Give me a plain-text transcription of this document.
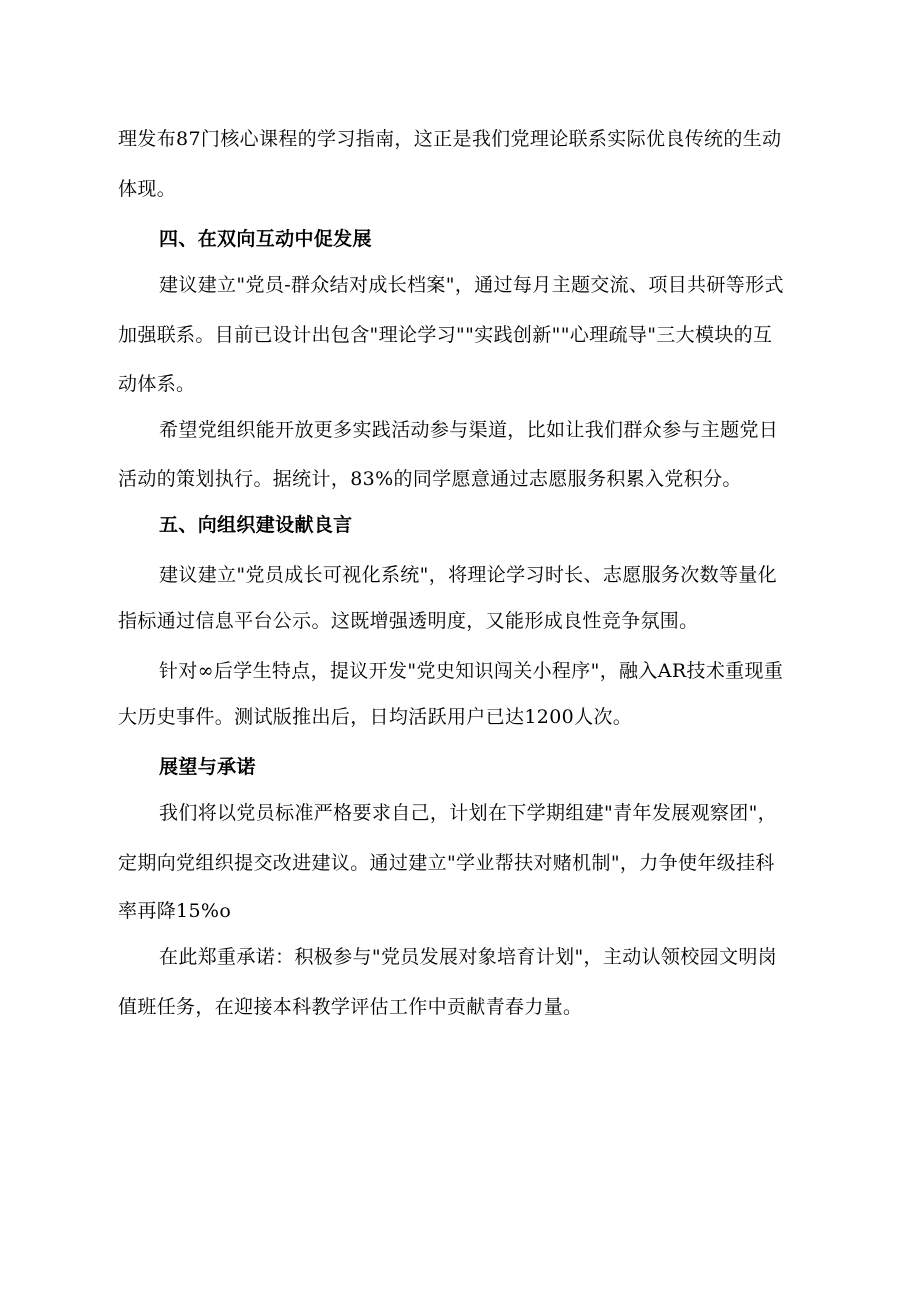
理发布87门核心课程的学习指南，这正是我们党理论联系实际优良传统的生动
体现。
四、在双向互动中促发展
建议建立"党员-群众结对成长档案"，通过每月主题交流、项目共研等形式
加强联系。目前已设计出包含"理论学习""实践创新""心理疏导"三大模块的互
动体系。
希望党组织能开放更多实践活动参与渠道，比如让我们群众参与主题党日
活动的策划执行。据统计，83%的同学愿意通过志愿服务积累入党积分。
五、向组织建设献良言
建议建立"党员成长可视化系统"，将理论学习时长、志愿服务次数等量化
指标通过信息平台公示。这既增强透明度，又能形成良性竞争氛围。
针对∞后学生特点，提议开发"党史知识闯关小程序"，融入AR技术重现重
大历史事件。测试版推出后，日均活跃用户已达1200人次。
展望与承诺
我们将以党员标准严格要求自己，计划在下学期组建"青年发展观察团"，
定期向党组织提交改进建议。通过建立"学业帮扶对赌机制"，力争使年级挂科
率再降15%o
在此郑重承诺：积极参与"党员发展对象培育计划"，主动认领校园文明岗
值班任务，在迎接本科教学评估工作中贡献青春力量。
